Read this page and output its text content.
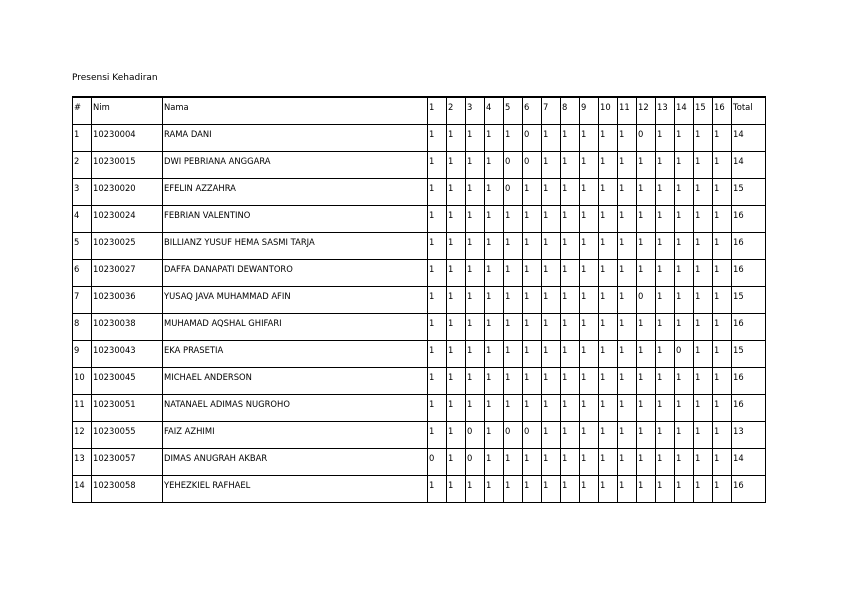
Presensi Kehadiran
#	Nim	Nama	1	2	3	4	5	6	7	8	9	10	11	12	13	14	15	16	Total
1	10230004	RAMA DANI	1	1	1	1	1	0	1	1	1	1	1	0	1	1	1	1	14
2	10230015	DWI PEBRIANA ANGGARA	1	1	1	1	0	0	1	1	1	1	1	1	1	1	1	1	14
3	10230020	EFELIN AZZAHRA	1	1	1	1	0	1	1	1	1	1	1	1	1	1	1	1	15
4	10230024	FEBRIAN VALENTINO	1	1	1	1	1	1	1	1	1	1	1	1	1	1	1	1	16
5	10230025	BILLIANZ YUSUF HEMA SASMI TARJA	1	1	1	1	1	1	1	1	1	1	1	1	1	1	1	1	16
6	10230027	DAFFA DANAPATI DEWANTORO	1	1	1	1	1	1	1	1	1	1	1	1	1	1	1	1	16
7	10230036	YUSAQ JAVA MUHAMMAD AFIN	1	1	1	1	1	1	1	1	1	1	1	0	1	1	1	1	15
8	10230038	MUHAMAD AQSHAL GHIFARI	1	1	1	1	1	1	1	1	1	1	1	1	1	1	1	1	16
9	10230043	EKA PRASETIA	1	1	1	1	1	1	1	1	1	1	1	1	1	0	1	1	15
10	10230045	MICHAEL ANDERSON	1	1	1	1	1	1	1	1	1	1	1	1	1	1	1	1	16
11	10230051	NATANAEL ADIMAS NUGROHO	1	1	1	1	1	1	1	1	1	1	1	1	1	1	1	1	16
12	10230055	FAIZ AZHIMI	1	1	0	1	0	0	1	1	1	1	1	1	1	1	1	1	13
13	10230057	DIMAS ANUGRAH AKBAR	0	1	0	1	1	1	1	1	1	1	1	1	1	1	1	1	14
14	10230058	YEHEZKIEL RAFHAEL	1	1	1	1	1	1	1	1	1	1	1	1	1	1	1	1	16
